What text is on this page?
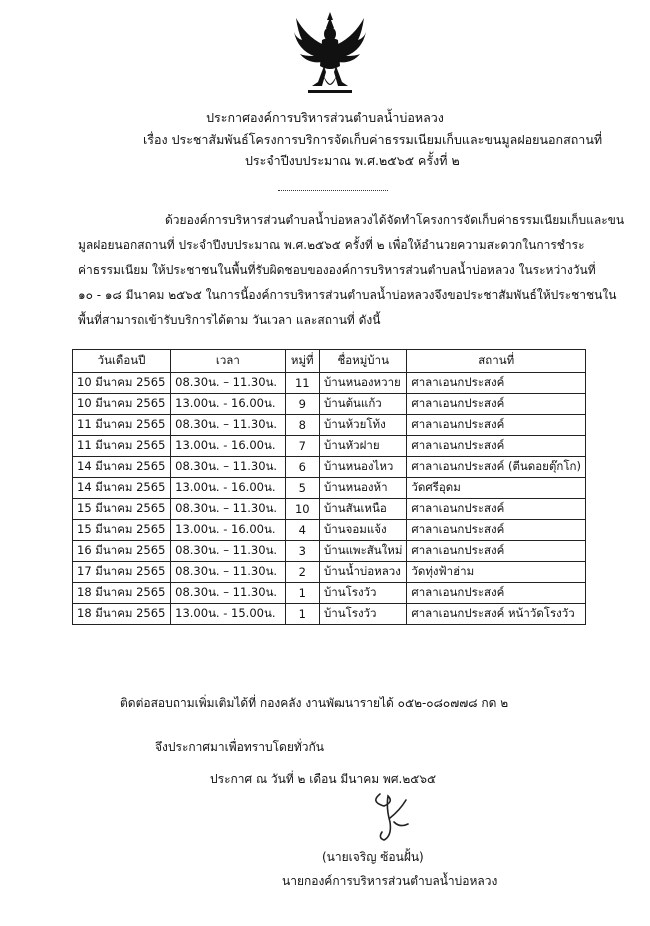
ประกาศองค์การบริหารส่วนตำบลน้ำบ่อหลวง
เรื่อง ประชาสัมพันธ์โครงการบริการจัดเก็บค่าธรรมเนียมเก็บและขนมูลฝอยนอกสถานที่
ประจำปีงบประมาณ พ.ศ.๒๕๖๕ ครั้งที่ ๒
ด้วยองค์การบริหารส่วนตำบลน้ำบ่อหลวงได้จัดทำโครงการจัดเก็บค่าธรรมเนียมเก็บและขน
มูลฝอยนอกสถานที่ ประจำปีงบประมาณ พ.ศ.๒๕๖๕ ครั้งที่ ๒ เพื่อให้อำนวยความสะดวกในการชำระ
ค่าธรรมเนียม ให้ประชาชนในพื้นที่รับผิดชอบขององค์การบริหารส่วนตำบลน้ำบ่อหลวง ในระหว่างวันที่
๑๐ - ๑๘ มีนาคม ๒๕๖๕ ในการนี้องค์การบริหารส่วนตำบลน้ำบ่อหลวงจึงขอประชาสัมพันธ์ให้ประชาชนใน
พื้นที่สามารถเข้ารับบริการได้ตาม วันเวลา และสถานที่ ดังนี้
วันเดือนปี	เวลา	หมู่ที่	ชื่อหมู่บ้าน	สถานที่
10 มีนาคม 2565	08.30น. – 11.30น.	11	บ้านหนองหวาย	ศาลาเอนกประสงค์
10 มีนาคม 2565	13.00น. - 16.00น.	9	บ้านต้นแก้ว	ศาลาเอนกประสงค์
11 มีนาคม 2565	08.30น. – 11.30น.	8	บ้านห้วยโท้ง	ศาลาเอนกประสงค์
11 มีนาคม 2565	13.00น. - 16.00น.	7	บ้านหัวฝาย	ศาลาเอนกประสงค์
14 มีนาคม 2565	08.30น. – 11.30น.	6	บ้านหนองไหว	ศาลาเอนกประสงค์ (ตีนดอยตุ๊กโก)
14 มีนาคม 2565	13.00น. - 16.00น.	5	บ้านหนองห้า	วัดศรีอุดม
15 มีนาคม 2565	08.30น. – 11.30น.	10	บ้านสันเหนือ	ศาลาเอนกประสงค์
15 มีนาคม 2565	13.00น. - 16.00น.	4	บ้านจอมแจ้ง	ศาลาเอนกประสงค์
16 มีนาคม 2565	08.30น. – 11.30น.	3	บ้านแพะสันใหม่	ศาลาเอนกประสงค์
17 มีนาคม 2565	08.30น. – 11.30น.	2	บ้านน้ำบ่อหลวง	วัดทุ่งฟ้าฮ่าม
18 มีนาคม 2565	08.30น. – 11.30น.	1	บ้านโรงวัว	ศาลาเอนกประสงค์
18 มีนาคม 2565	13.00น. - 15.00น.	1	บ้านโรงวัว	ศาลาเอนกประสงค์ หน้าวัดโรงวัว
ติดต่อสอบถามเพิ่มเติมได้ที่ กองคลัง งานพัฒนารายได้ ๐๕๒-๐๘๐๗๗๘ กด ๒
จึงประกาศมาเพื่อทราบโดยทั่วกัน
ประกาศ ณ วันที่ ๒ เดือน มีนาคม พศ.๒๕๖๕
(นายเจริญ ซ้อนฝั้น)
นายกองค์การบริหารส่วนตำบลน้ำบ่อหลวง
